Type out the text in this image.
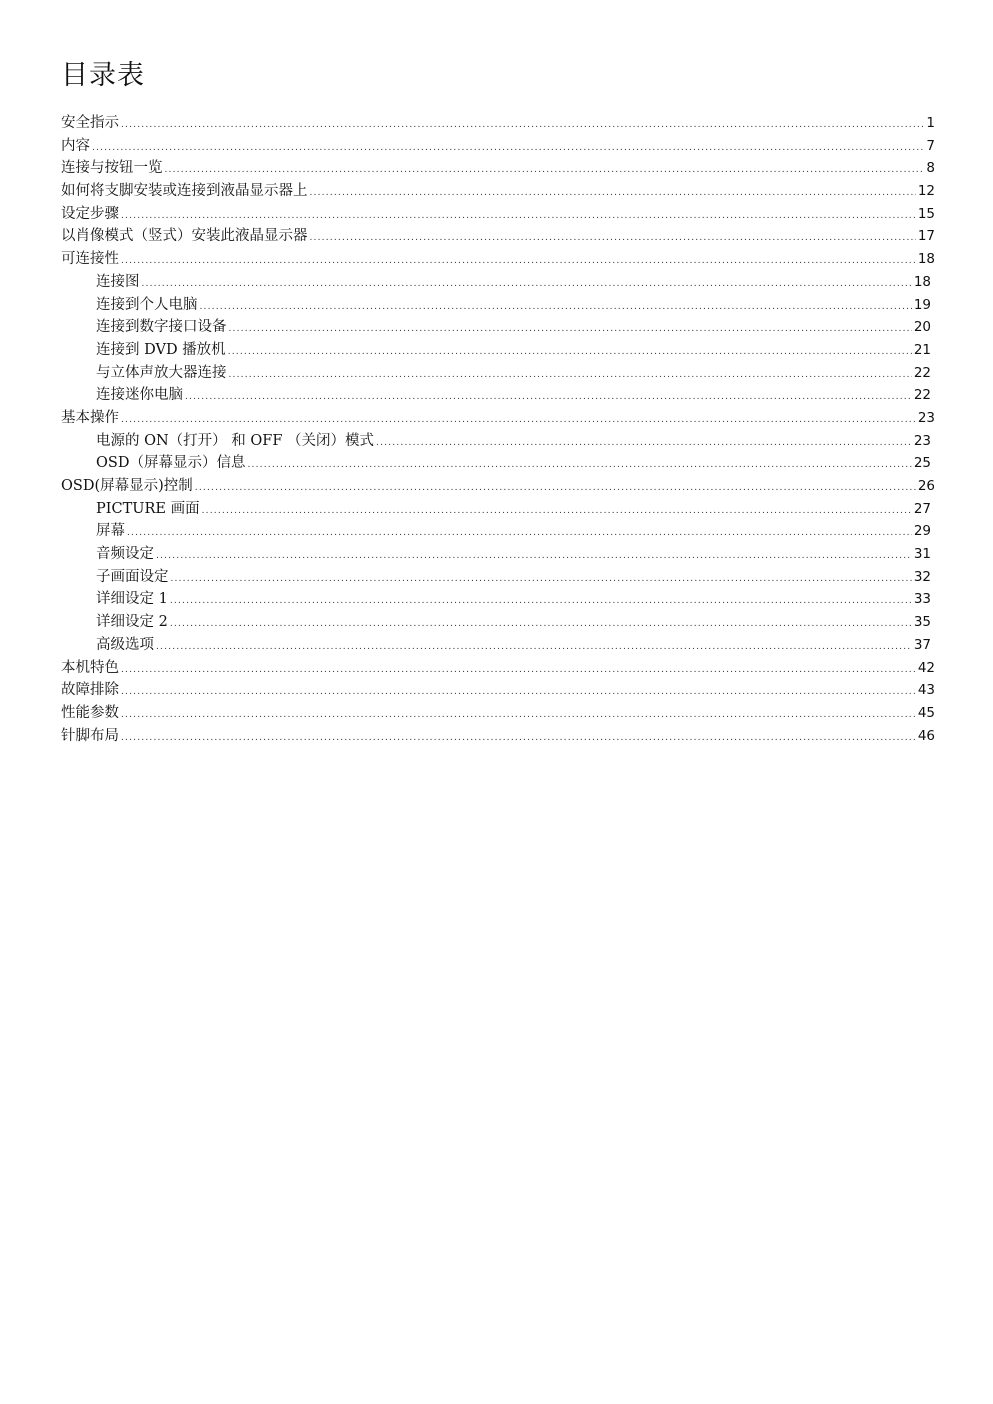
目录表
安全指示 .....	1
内容 .....	7
连接与按钮一览 .....	8
如何将支脚安装或连接到液晶显示器上 .....	12
设定步骤 .....	15
以肖像模式（竖式）安装此液晶显示器 .....	17
可连接性 .....	18
连接图 .....	18
连接到个人电脑 .....	19
连接到数字接口设备 .....	20
连接到 DVD 播放机 .....	21
与立体声放大器连接 .....	22
连接迷你电脑 .....	22
基本操作 .....	23
电源的 ON（打开） 和 OFF （关闭）模式 .....	23
OSD（屏幕显示）信息 .....	25
OSD(屏幕显示)控制 .....	26
PICTURE 画面 .....	27
屏幕 .....	29
音频设定 .....	31
子画面设定 .....	32
详细设定 1 .....	33
详细设定 2 .....	35
高级选项 .....	37
本机特色 .....	42
故障排除 .....	43
性能参数 .....	45
针脚布局 .....	46
